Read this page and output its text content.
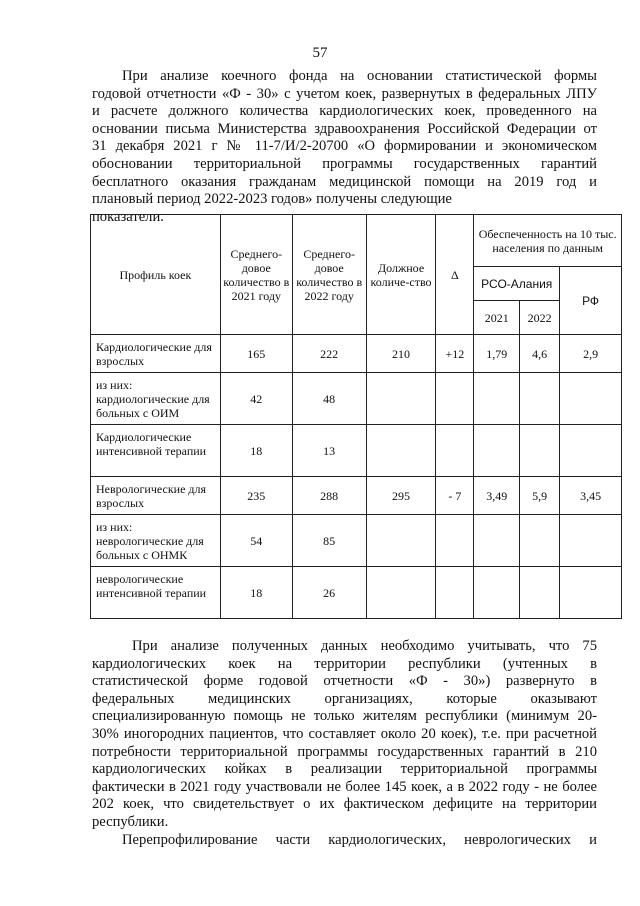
57
При анализе коечного фонда на основании статистической формы
годовой отчетности «Ф - 30» с учетом коек, развернутых в федеральных ЛПУ
и расчете должного количества кардиологических коек, проведенного на
основании письма Министерства здравоохранения Российской Федерации от
31 декабря 2021 г № 11-7/И/2-20700 «О формировании и экономическом
обосновании территориальной программы государственных гарантий
бесплатного оказания гражданам медицинской помощи на 2019 год и
плановый период 2022-2023 годов» получены следующие
показатели.
Профиль коек	Среднего-довое количество в 2021 году	Среднего-довое количество в 2022 году	Должное количе-ство	Δ	Обеспеченность на 10 тыс. населения по данным		
					РСО-Алания		РФ
					2021	2022	
Кардиологические для взрослых	165	222	210	+12	1,79	4,6	2,9
из них: кардиологические для больных с ОИМ	42	48					
Кардиологические интенсивной терапии	18	13					
Неврологические для взрослых	235	288	295	- 7	3,49	5,9	3,45
из них: неврологические для больных с ОНМК	54	85					
неврологические интенсивной терапии	18	26					
При анализе полученных данных необходимо учитывать, что 75
кардиологических коек на территории республики (учтенных в
статистической форме годовой отчетности «Ф - 30») развернуто в
федеральных медицинских организациях, которые оказывают
специализированную помощь не только жителям республики (минимум 20-
30% иногородних пациентов, что составляет около 20 коек), т.е. при расчетной
потребности территориальной программы государственных гарантий в 210
кардиологических койках в реализации территориальной программы
фактически в 2021 году участвовали не более 145 коек, а в 2022 году - не более
202 коек, что свидетельствует о их фактическом дефиците на территории
республики.
Перепрофилирование части кардиологических, неврологических и
